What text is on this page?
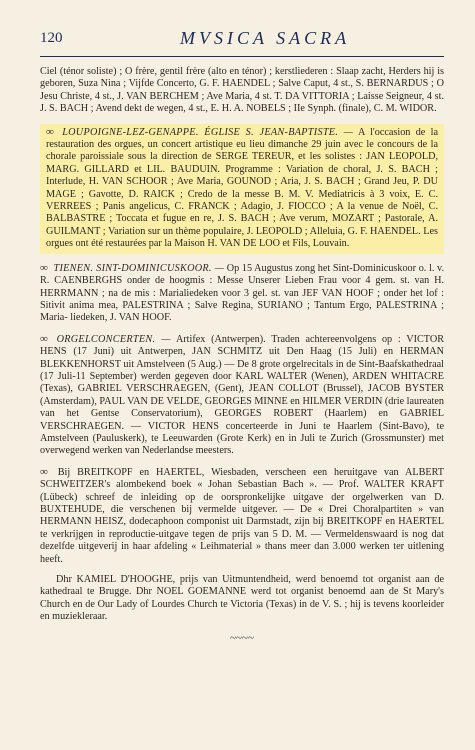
120	MVSICA SACRA

Ciel (ténor soliste) ; O frère, gentil frère (alto en ténor) ; kerstliederen : Slaap zacht, Herders hij is geboren, Suza Nina ; Vijfde Concerto, G. F. HAENDEL ; Salve Caput, 4 st., S. BERNARDUS ; O Jesu Christe, 4 st., J. VAN BERCHEM ; Ave Maria, 4 st. T. DA VITTORIA ; Laisse Seigneur, 4 st. J. S. BACH ; Avend dekt de wegen, 4 st., E. H. A. NOBELS ; IIe Synph. (finale), C. M. WIDOR.

∞ LOUPOIGNE-LEZ-GENAPPE. ÉGLISE S. JEAN-BAPTISTE. — A l'occasion de la restauration des orgues, un concert artistique eu lieu dimanche 29 juin avec le concours de la chorale paroissiale sous la direction de SERGE TEREUR, et les solistes : JAN LEOPOLD, MARG. GILLARD et LIL. BAUDUIN. Programme : Variation de choral, J. S. BACH ; Interlude, H. VAN SCHOOR ; Ave Maria, GOUNOD ; Aria, J. S. BACH ; Grand Jeu, P. DU MAGE ; Gavotte, D. RAICK ; Credo de la messe B. M. V. Mediatricis à 3 voix, E. C. VERREES ; Panis angelicus, C. FRANCK ; Adagio, J. FIOCCO ; A la venue de Noël, C. BALBASTRE ; Toccata et fugue en re, J. S. BACH ; Ave verum, MOZART ; Pastorale, A. GUILMANT ; Variation sur un thème populaire, J. LEOPOLD ; Alleluia, G. F. HAENDEL. Les orgues ont été restaurées par la Maison H. VAN DE LOO et Fils, Louvain.

∞ TIENEN. SINT-DOMINICUSKOOR. — Op 15 Augustus zong het Sint-Dominicuskoor o. l. v. R. CAENBERGHS onder de hoogmis : Messe Unserer Lieben Frau voor 4 gem. st. van H. HERRMANN ; na de mis : Marialiedeken voor 3 gel. st. van JEF VAN HOOF ; onder het lof : Sitivit anima mea, PALESTRINA ; Salve Regina, SURIANO ; Tantum Ergo, PALESTRINA ; Maria- liedeken, J. VAN HOOF.

∞ ORGELCONCERTEN. — Artifex (Antwerpen). Traden achtereenvolgens op : VICTOR HENS (17 Juni) uit Antwerpen, JAN SCHMITZ uit Den Haag (15 Juli) en HERMAN BLEKKENHORST uit Amstelveen (5 Aug.) — De 8 grote orgelrecitals in de Sint-Baafskathedraal (17 Juli-11 September) werden gegeven door KARL WALTER (Wenen), ARDEN WHITACRE (Texas), GABRIEL VERSCHRAEGEN, (Gent), JEAN COLLOT (Brussel), JACOB BYSTER (Amsterdam), PAUL VAN DE VELDE, GEORGES MINNE en HILMER VERDIN (drie laureaten van het Gentse Conservatorium), GEORGES ROBERT (Haarlem) en GABRIEL VERSCHRAEGEN. — VICTOR HENS concerteerde in Juni te Haarlem (Sint-Bavo), te Amstelveen (Pauluskerk), te Leeuwarden (Grote Kerk) en in Juli te Zurich (Grossmunster) met overwegend werken van Nederlandse meesters.

∞ Bij BREITKOPF en HAERTEL, Wiesbaden, verscheen een heruitgave van ALBERT SCHWEITZER's alombekend boek « Johan Sebastian Bach ». — Prof. WALTER KRAFT (Lübeck) schreef de inleiding op de oorspronkelijke uitgave der orgelwerken van D. BUXTEHUDE, die verschenen bij vermelde uitgever. — De « Drei Choralpartiten » van HERMANN HEISZ, dodecaphoon componist uit Darmstadt, zijn bij BREITKOPF en HAERTEL te verkrijgen in reproductie-uitgave tegen de prijs van 5 D. M. — Vermeldenswaard is nog dat dezelfde uitgeverij in haar afdeling « Leihmaterial » thans meer dan 3.000 werken ter uitlening heeft.

Dhr KAMIEL D'HOOGHE, prijs van Uitmuntendheid, werd benoemd tot organist aan de kathedraal te Brugge. Dhr NOEL GOEMANNE werd tot organist benoemd aan de St Mary's Church en de Our Lady of Lourdes Church te Victoria (Texas) in de V. S. ; hij is tevens koorleider en muziekleraar.

~~~~
